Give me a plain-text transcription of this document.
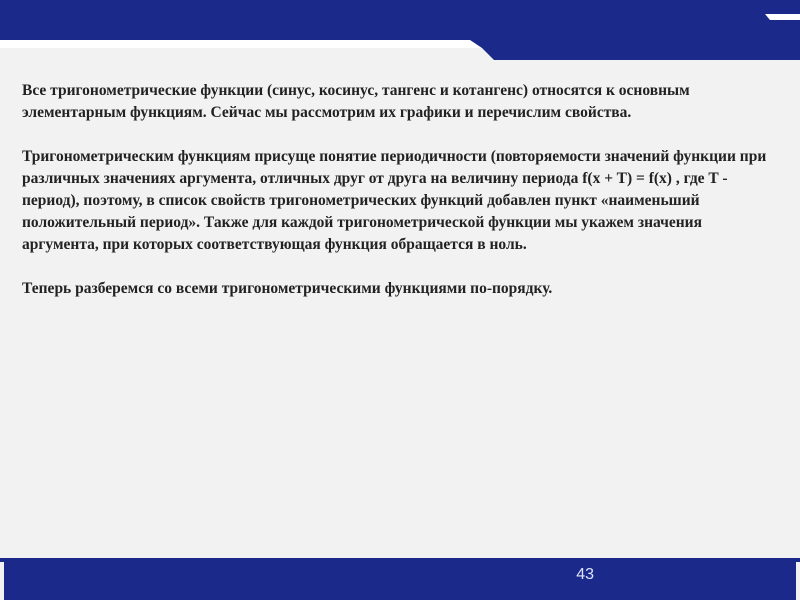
Все тригонометрические функции (синус, косинус, тангенс и котангенс) относятся к основным элементарным функциям. Сейчас мы рассмотрим их графики и перечислим свойства.

Тригонометрическим функциям присуще понятие периодичности (повторяемости значений функции при различных значениях аргумента, отличных друг от друга на величину периода f(x + T) = f(x) , где T - период), поэтому, в список свойств тригонометрических функций добавлен пункт «наименьший положительный период». Также для каждой тригонометрической функции мы укажем значения аргумента, при которых соответствующая функция обращается в ноль.

Теперь разберемся со всеми тригонометрическими функциями по-порядку.

43
